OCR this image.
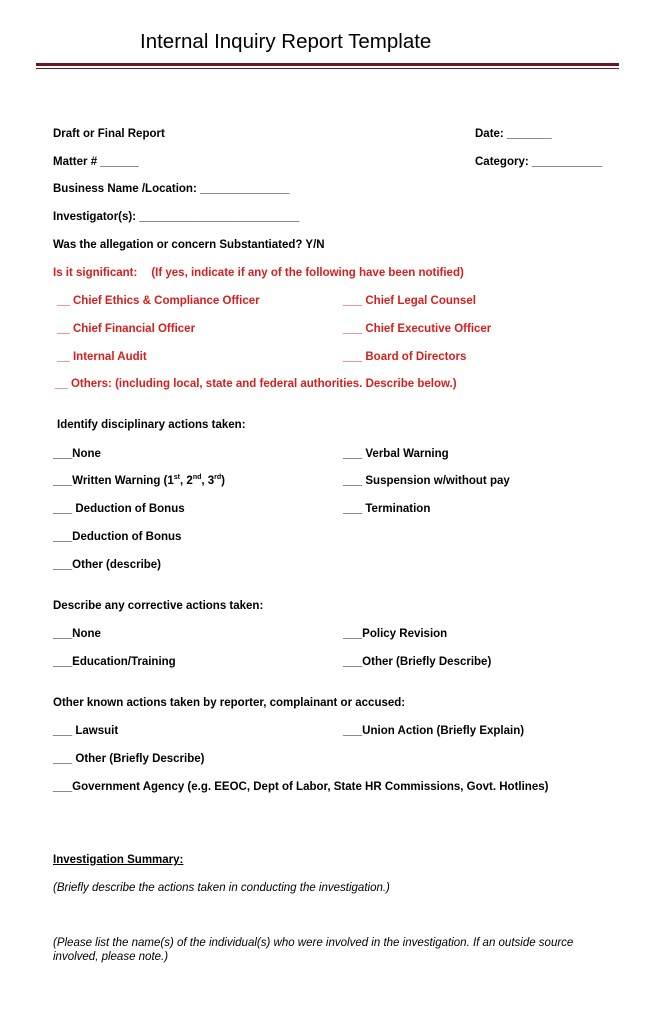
Internal Inquiry Report Template
Draft or Final Report	Date: _______
Matter # ______	Category: ___________
Business Name /Location: ______________
Investigator(s): _________________________
Was the allegation or concern Substantiated? Y/N
Is it significant: (If yes, indicate if any of the following have been notified)
__ Chief Ethics & Compliance Officer	___ Chief Legal Counsel
__ Chief Financial Officer	___ Chief Executive Officer
__ Internal Audit	___ Board of Directors
__ Others: (including local, state and federal authorities. Describe below.)
Identify disciplinary actions taken:
___None	___ Verbal Warning
___Written Warning (1st, 2nd, 3rd)	___ Suspension w/without pay
___ Deduction of Bonus	___ Termination
___Deduction of Bonus
___Other (describe)
Describe any corrective actions taken:
___None	___Policy Revision
___Education/Training	___Other (Briefly Describe)
Other known actions taken by reporter, complainant or accused:
___ Lawsuit	___Union Action (Briefly Explain)
___ Other (Briefly Describe)
___Government Agency (e.g. EEOC, Dept of Labor, State HR Commissions, Govt. Hotlines)
Investigation Summary:
(Briefly describe the actions taken in conducting the investigation.)
(Please list the name(s) of the individual(s) who were involved in the investigation. If an outside source involved, please note.)
